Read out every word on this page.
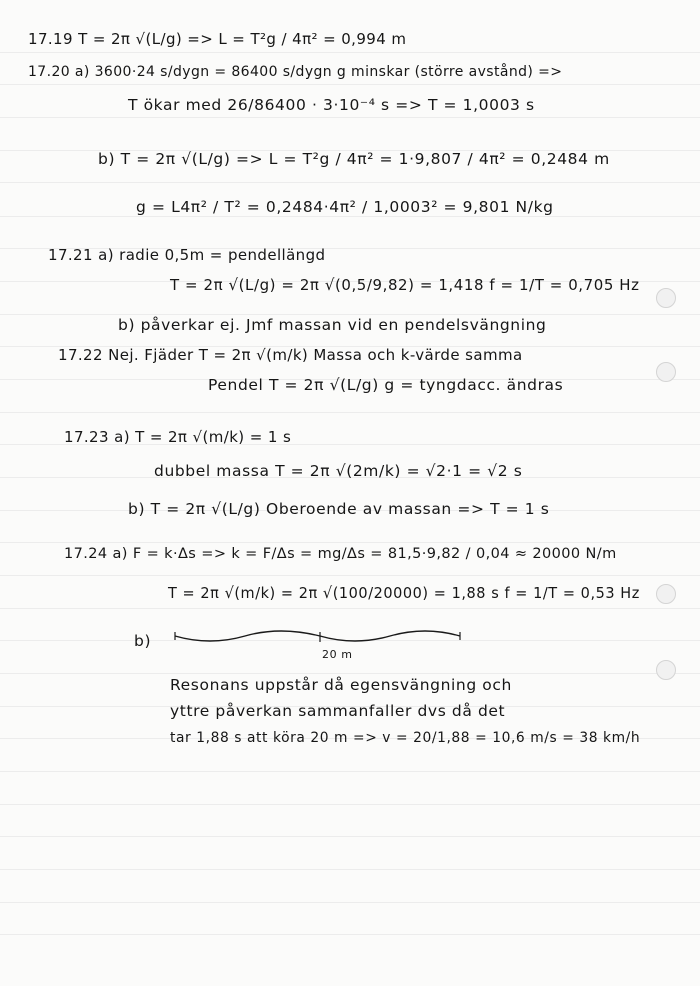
17.19 T = 2π √(L/g) => L = T²g / 4π² = 0,994 m
17.20 a) 3600·24 s/dygn = 86400 s/dygn g minskar (större avstånd) =>
T ökar med 26/86400 · 3·10⁻⁴ s => T = 1,0003 s
b) T = 2π √(L/g) => L = T²g / 4π² = 1·9,807 / 4π² = 0,2484 m
g = L4π² / T² = 0,2484·4π² / 1,0003² = 9,801 N/kg
17.21 a) radie 0,5m = pendellängd
T = 2π √(L/g) = 2π √(0,5/9,82) = 1,418 f = 1/T = 0,705 Hz
b) påverkar ej. Jmf massan vid en pendelsvängning
17.22 Nej. Fjäder T = 2π √(m/k) Massa och k-värde samma
Pendel T = 2π √(L/g) g = tyngdacc. ändras
17.23 a) T = 2π √(m/k) = 1 s
dubbel massa T = 2π √(2m/k) = √2·1 = √2 s
b) T = 2π √(L/g) Oberoende av massan => T = 1 s
17.24 a) F = k·Δs => k = F/Δs = mg/Δs = 81,5·9,82 / 0,04 ≈ 20000 N/m
T = 2π √(m/k) = 2π √(100/20000) = 1,88 s f = 1/T = 0,53 Hz
b)
20 m
Resonans uppstår då egensvängning och
yttre påverkan sammanfaller dvs då det
tar 1,88 s att köra 20 m => v = 20/1,88 = 10,6 m/s = 38 km/h
